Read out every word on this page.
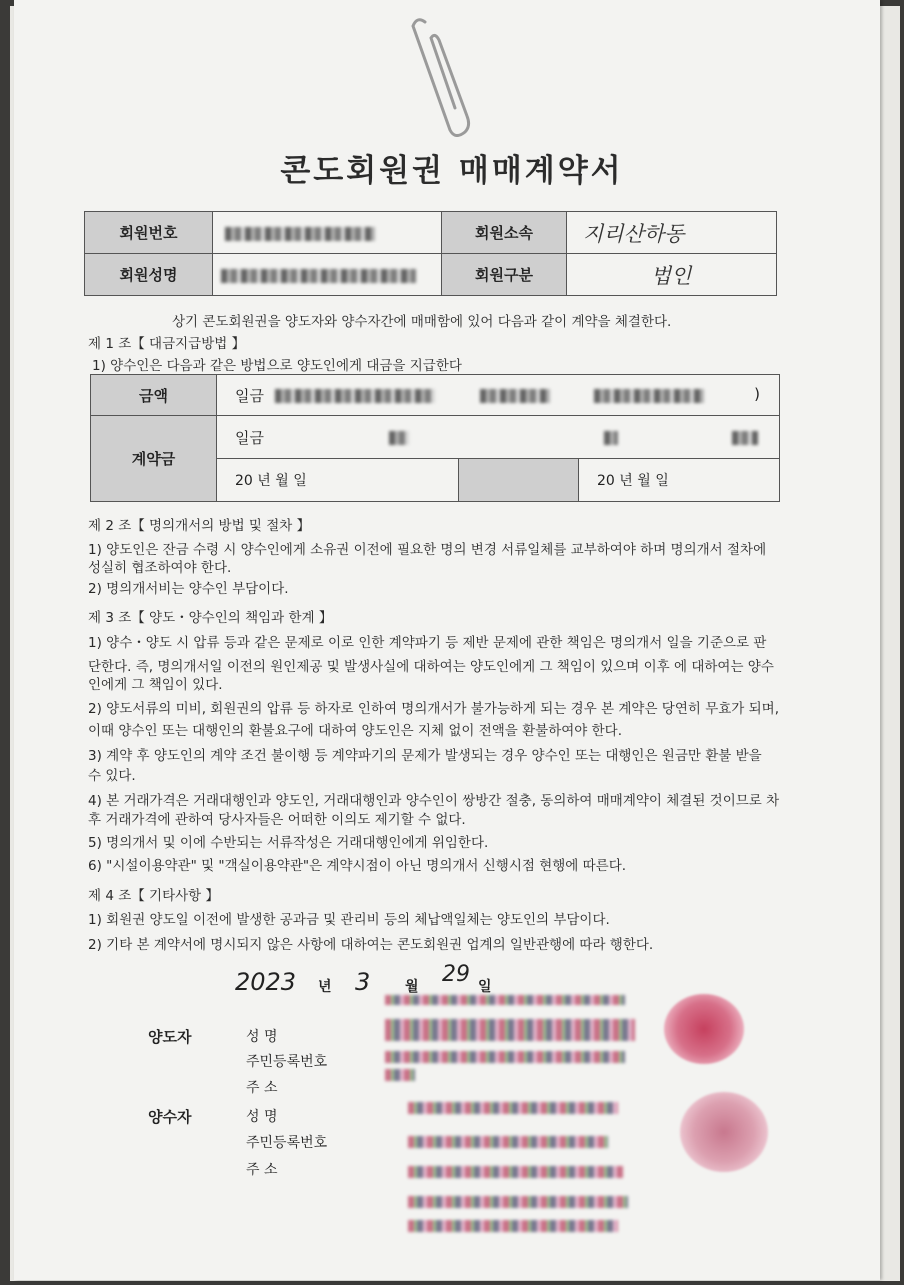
콘도회원권 매매계약서
회원번호		회원소속	지리산하동
회원성명		회원구분	법인
상기 콘도회원권을 양도자와 양수자간에 매매함에 있어 다음과 같이 계약을 체결한다.
제 1 조【 대금지급방법 】
1) 양수인은 다음과 같은 방법으로 양도인에게 대금을 지급한다
금액	일금 )		

계약금	일금		
	20 년 월 일		20 년 월 일
제 2 조【 명의개서의 방법 및 절차 】
1) 양도인은 잔금 수령 시 양수인에게 소유권 이전에 필요한 명의 변경 서류일체를 교부하여야 하며 명의개서 절차에
성실히 협조하여야 한다.
2) 명의개서비는 양수인 부담이다.
제 3 조【 양도・양수인의 책임과 한계 】
1) 양수・양도 시 압류 등과 같은 문제로 이로 인한 계약파기 등 제반 문제에 관한 책임은 명의개서 일을 기준으로 판
단한다. 즉, 명의개서일 이전의 원인제공 및 발생사실에 대하여는 양도인에게 그 책임이 있으며 이후 에 대하여는 양수
인에게 그 책임이 있다.
2) 양도서류의 미비, 회원권의 압류 등 하자로 인하여 명의개서가 불가능하게 되는 경우 본 계약은 당연히 무효가 되며,
이때 양수인 또는 대행인의 환불요구에 대하여 양도인은 지체 없이 전액을 환불하여야 한다.
3) 계약 후 양도인의 계약 조건 불이행 등 계약파기의 문제가 발생되는 경우 양수인 또는 대행인은 원금만 환불 받을
수 있다.
4) 본 거래가격은 거래대행인과 양도인, 거래대행인과 양수인이 쌍방간 절충, 동의하여 매매계약이 체결된 것이므로 차
후 거래가격에 관하여 당사자들은 어떠한 이의도 제기할 수 없다.
5) 명의개서 및 이에 수반되는 서류작성은 거래대행인에게 위임한다.
6) "시설이용약관" 및 "객실이용약관"은 계약시점이 아닌 명의개서 신행시점 현행에 따른다.
제 4 조【 기타사항 】
1) 회원권 양도일 이전에 발생한 공과금 및 관리비 등의 체납액일체는 양도인의 부담이다.
2) 기타 본 계약서에 명시되지 않은 사항에 대하여는 콘도회원권 업계의 일반관행에 따라 행한다.
2023 년 3 월 29 일
양도자	성 명
주민등록번호
주 소
양수자	성 명
주민등록번호
주 소
